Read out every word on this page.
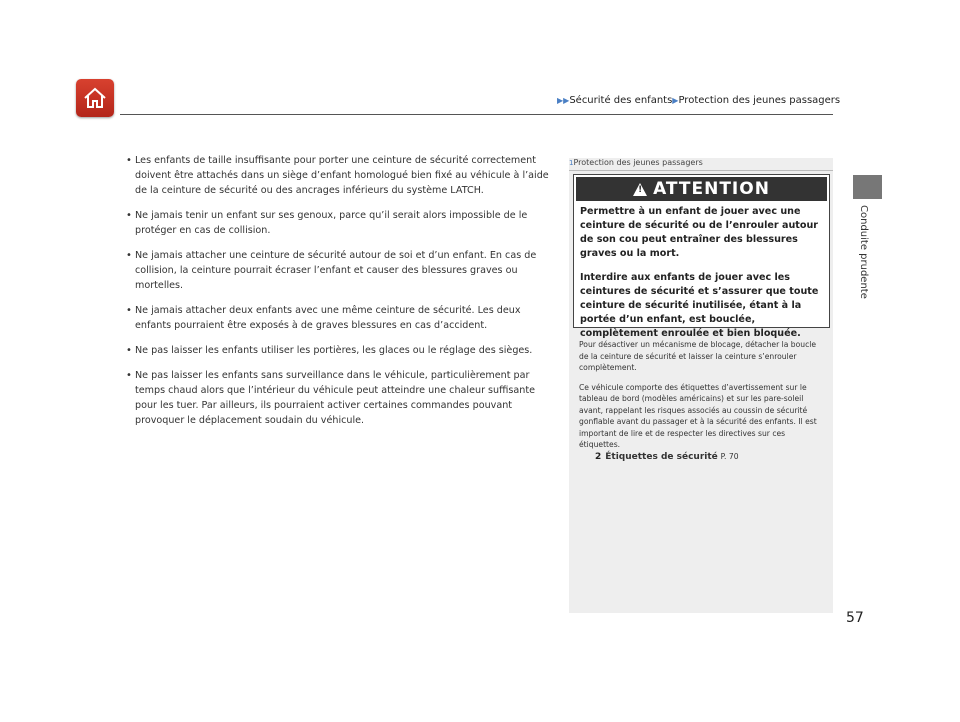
▶▶Sécurité des enfants▶Protection des jeunes passagers
Conduite prudente
• Les enfants de taille insuffisante pour porter une ceinture de sécurité correctement doivent être attachés dans un siège d’enfant homologué bien fixé au véhicule à l’aide de la ceinture de sécurité ou des ancrages inférieurs du système LATCH.
• Ne jamais tenir un enfant sur ses genoux, parce qu’il serait alors impossible de le protéger en cas de collision.
• Ne jamais attacher une ceinture de sécurité autour de soi et d’un enfant. En cas de collision, la ceinture pourrait écraser l’enfant et causer des blessures graves ou mortelles.
• Ne jamais attacher deux enfants avec une même ceinture de sécurité. Les deux enfants pourraient être exposés à de graves blessures en cas d’accident.
• Ne pas laisser les enfants utiliser les portières, les glaces ou le réglage des sièges.
• Ne pas laisser les enfants sans surveillance dans le véhicule, particulièrement par temps chaud alors que l’intérieur du véhicule peut atteindre une chaleur suffisante pour les tuer. Par ailleurs, ils pourraient activer certaines commandes pouvant provoquer le déplacement soudain du véhicule.
1Protection des jeunes passagers
! ATTENTION
Permettre à un enfant de jouer avec une ceinture de sécurité ou de l’enrouler autour de son cou peut entraîner des blessures graves ou la mort.
Interdire aux enfants de jouer avec les ceintures de sécurité et s’assurer que toute ceinture de sécurité inutilisée, étant à la portée d’un enfant, est bouclée, complètement enroulée et bien bloquée.

Pour désactiver un mécanisme de blocage, détacher la boucle de la ceinture de sécurité et laisser la ceinture s’enrouler complètement.

Ce véhicule comporte des étiquettes d’avertissement sur le tableau de bord (modèles américains) et sur les pare-soleil avant, rappelant les risques associés au coussin de sécurité gonflable avant du passager et à la sécurité des enfants. Il est important de lire et de respecter les directives sur ces étiquettes.

2 Étiquettes de sécurité P. 70
57
